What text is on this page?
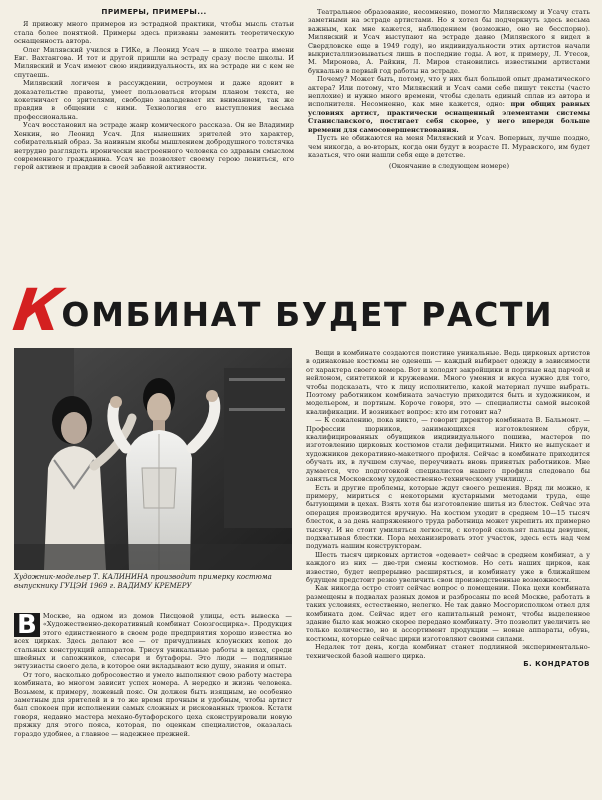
ПРИМЕРЫ, ПРИМЕРЫ...

Я привожу много примеров из эстрадной практики, чтобы мысль статьи стала более понятной. Примеры здесь призваны заменить теоретическую оснащенность автора.

Олег Милявский учился в ГИКе, в Леонид Усач — в школе театра имени Евг. Вахтангова. И тот и другой пришли на эстраду сразу после школы. И Милявский и Усач имеют свою индивидуальность, их на эстраде ни с кем не спутаешь.

Милявский логичен в рассуждении, остроумен и даже ядовит в доказательстве правоты, умеет пользоваться вторым планом текста, не кокетничает со зрителями, свободно завладевает их вниманием, так же правдив в общении с ними. Технология его выступления весьма профессиональна.

Усач восстановил на эстраде жанр комического рассказа. Он не Владимир Хенкин, но Леонид Усач. Для нынешних зрителей это характер, собирательный образ. За наивным якобы мышлением добродушного толстячка нетрудно разглядеть иронически настроенного человека со здравым смыслом современного гражданина. Усач не позволяет своему герою лениться, его герой активен и правдив в своей забавной активности.

Театральное образование, несомненно, помогло Милявскому и Усачу стать заметными на эстраде артистами. Но я хотел бы подчеркнуть здесь весьма важным, как мне кажется, наблюдением (возможно, оно не бесспорно). Милявский и Усач выступают на эстраде давно (Милявского я видел в Свердловске еще в 1949 году), но индивидуальности этих артистов начали выкристаллизовываться лишь в последние годы. А вот, к примеру, Л. Утесов, М. Миронова, А. Райкин, Л. Миров становились известными артистами буквально в первый год работы на эстраде.

Почему? Может быть, потому, что у них был большой опыт драматического актера? Или потому, что Милявский и Усач сами себе пишут тексты (часто неплохие) и нужно много времени, чтобы сделать единый сплав из автора и исполнителя. Несомненно, как мне кажется, одно: при общих равных условиях артист, практически оснащенный элементами системы Станиславского, постигает себя скорее, у него впереди больше времени для самосовершенствования.

Пусть не обижаются на меня Милявский и Усач. Вопервых, лучше поздно, чем никогда, а во-вторых, когда они будут в возрасте П. Муравского, им будет казаться, что они нашли себя еще в детстве.

(Окончание в следующем номере)

К
ОМБИНАТ БУДЕТ РАСТИ
Художник-модельер Т. КАЛИНИНА производит примерку костюма выпускнику ГУЦЭИ 1969 г. ВАДИМУ КРЕМЕРУ

В Москве, на одном из домов Писцовой улицы, есть вывеска — «Художественно-декоративный комбинат Союзгосцирка». Продукция этого единственного в своем роде предприятия хорошо известна во всех цирках. Здесь делают все — от причудливых клоунских кепок до стальных конструкций аппаратов. Трисуя уникальные работы в цехах, среди швейных и сапожников, слесари и бутафоры. Это люди — подлинные энтузиасты своего дела, в которое они вкладывают всю душу, знания и опыт.

От того, насколько добросовестно и умело выполняют свою работу мастера комбината, во многом зависит успех номера. А нередко и жизнь человека. Возьмем, к примеру, ложевый пояс. Он должен быть изящным, не особенно заметным для зрителей и в то же время прочным и удобным, чтобы артист был спокоен при исполнении самых сложных и рискованных трюков. Кстати говоря, недавно мастера механо-бутафорского цеха сконструировали новую пряжку для этого пояса, которая, по оценкам специалистов, оказалась гораздо удобнее, а главное — надежнее прежней.

Вещи в комбинате создаются поистине уникальные. Ведь цирковых артистов в одинаковые костюмы не оденешь — каждый выбирает одежду в зависимости от характера своего номера. Вот и холодят закройщики и портные над парчой и нейлоном, синтетикой и кружевами. Много умения и вкуса нужно для того, чтобы подсказать, что к лицу исполнителю, какой материал лучше выбрать. Поэтому работником комбината зачастую приходится быть и художником, и модельером, и портным. Короче говоря, это — специалисты самой высокой квалификации. И возникает вопрос: кто им готовит на?

— К сожалению, пока никто, — говорит директор комбината В. Бальмонт. — Профессии шорников, занимающихся изготовлением сбруи, квалифицированных обувщиков индивидуального пошива, мастеров по изготовлению цирковых костюмов стали дефицитными. Никто не выпускает и художников декоративно-макетного профиля. Сейчас в комбинате приходится обучать их, в лучшем случае, переучивать вновь принятых работников. Мне думается, что подготовкой специалистов нашего профиля следовало бы заняться Московскому художественно-техническому училищу...

Есть и другие проблемы, которые ждут своего решения. Вряд ли можно, к примеру, мириться с некоторыми кустарными методами труда, еще бытующими в цехах. Взять хотя бы изготовление шитья из блесток. Сейчас эта операция производится вручную. На костюм уходит в среднем 10—15 тысяч блесток, а за день напряженного труда работница может укрепить их примерно тысячу. И не стоит умиляться легкости, с которой скользят пальцы девушек, подхватывая блестки. Пора механизировать этот участок, здесь есть над чем подумать нашим конструкторам.

Шесть тысяч цирковых артистов «одевает» сейчас в среднем комбинат, а у каждого из них — две-три смены костюмов. Но сеть наших цирков, как известно, будет непрерывно расширяться, и комбинату уже в ближайшем будущем предстоит резко увеличить свои производственные возможности.

Как никогда остро стоит сейчас вопрос о помещении. Пока цехи комбината размещены в подвалах разных домов и разбросаны по всей Москве, работать в таких условиях, естественно, нелегко. Не так давно Мосгорисполком отвел для комбината дом. Сейчас идет его капитальный ремонт, чтобы выделенное здание было как можно скорее передано комбинату. Это позволит увеличить не только количество, но и ассортимент продукции — новые аппараты, обувь, костюмы, которые сейчас цирки изготовляют своими силами.

Недалек тот день, когда комбинат станет подлинной экспериментально-технической базой нашего цирка.

Б. КОНДРАТОВ
